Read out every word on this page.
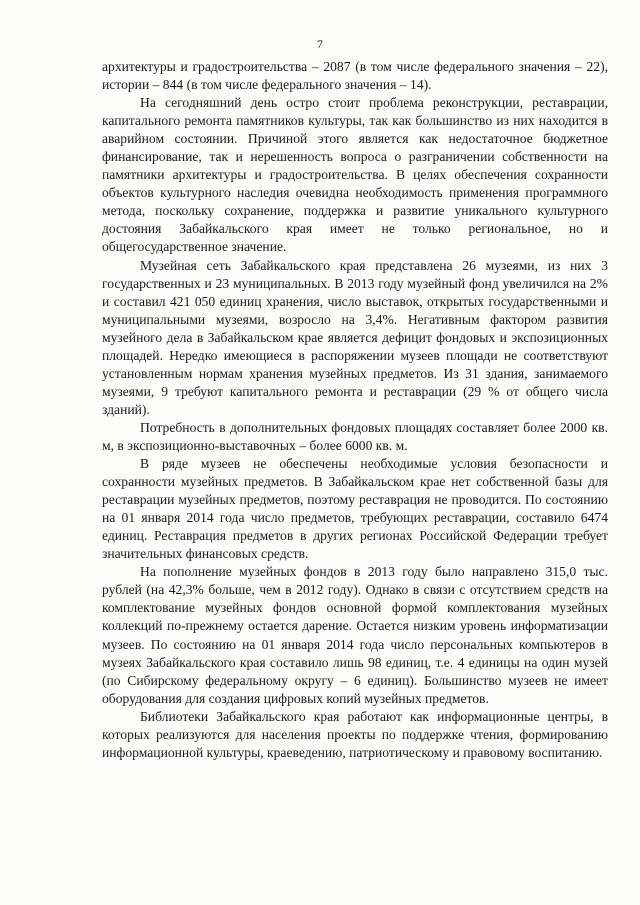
7

архитектуры и градостроительства – 2087 (в том числе федерального значения – 22), истории – 844 (в том числе федерального значения – 14).

На сегодняшний день остро стоит проблема реконструкции, реставрации, капитального ремонта памятников культуры, так как большинство из них находится в аварийном состоянии. Причиной этого является как недостаточное бюджетное финансирование, так и нерешенность вопроса о разграничении собственности на памятники архитектуры и градостроительства. В целях обеспечения сохранности объектов культурного наследия очевидна необходимость применения программного метода, поскольку сохранение, поддержка и развитие уникального культурного достояния Забайкальского края имеет не только региональное, но и общегосударственное значение.

Музейная сеть Забайкальского края представлена 26 музеями, из них 3 государственных и 23 муниципальных. В 2013 году музейный фонд увеличился на 2% и составил 421 050 единиц хранения, число выставок, открытых государственными и муниципальными музеями, возросло на 3,4%. Негативным фактором развития музейного дела в Забайкальском крае является дефицит фондовых и экспозиционных площадей. Нередко имеющиеся в распоряжении музеев площади не соответствуют установленным нормам хранения музейных предметов. Из 31 здания, занимаемого музеями, 9 требуют капитального ремонта и реставрации (29 % от общего числа зданий).

Потребность в дополнительных фондовых площадях составляет более 2000 кв. м, в экспозиционно-выставочных – более 6000 кв. м.

В ряде музеев не обеспечены необходимые условия безопасности и сохранности музейных предметов. В Забайкальском крае нет собственной базы для реставрации музейных предметов, поэтому реставрация не проводится. По состоянию на 01 января 2014 года число предметов, требующих реставрации, составило 6474 единиц. Реставрация предметов в других регионах Российской Федерации требует значительных финансовых средств.

На пополнение музейных фондов в 2013 году было направлено 315,0 тыс. рублей (на 42,3% больше, чем в 2012 году). Однако в связи с отсутствием средств на комплектование музейных фондов основной формой комплектования музейных коллекций по-прежнему остается дарение. Остается низким уровень информатизации музеев. По состоянию на 01 января 2014 года число персональных компьютеров в музеях Забайкальского края составило лишь 98 единиц, т.е. 4 единицы на один музей (по Сибирскому федеральному округу – 6 единиц). Большинство музеев не имеет оборудования для создания цифровых копий музейных предметов.

Библиотеки Забайкальского края работают как информационные центры, в которых реализуются для населения проекты по поддержке чтения, формированию информационной культуры, краеведению, патриотическому и правовому воспитанию.
